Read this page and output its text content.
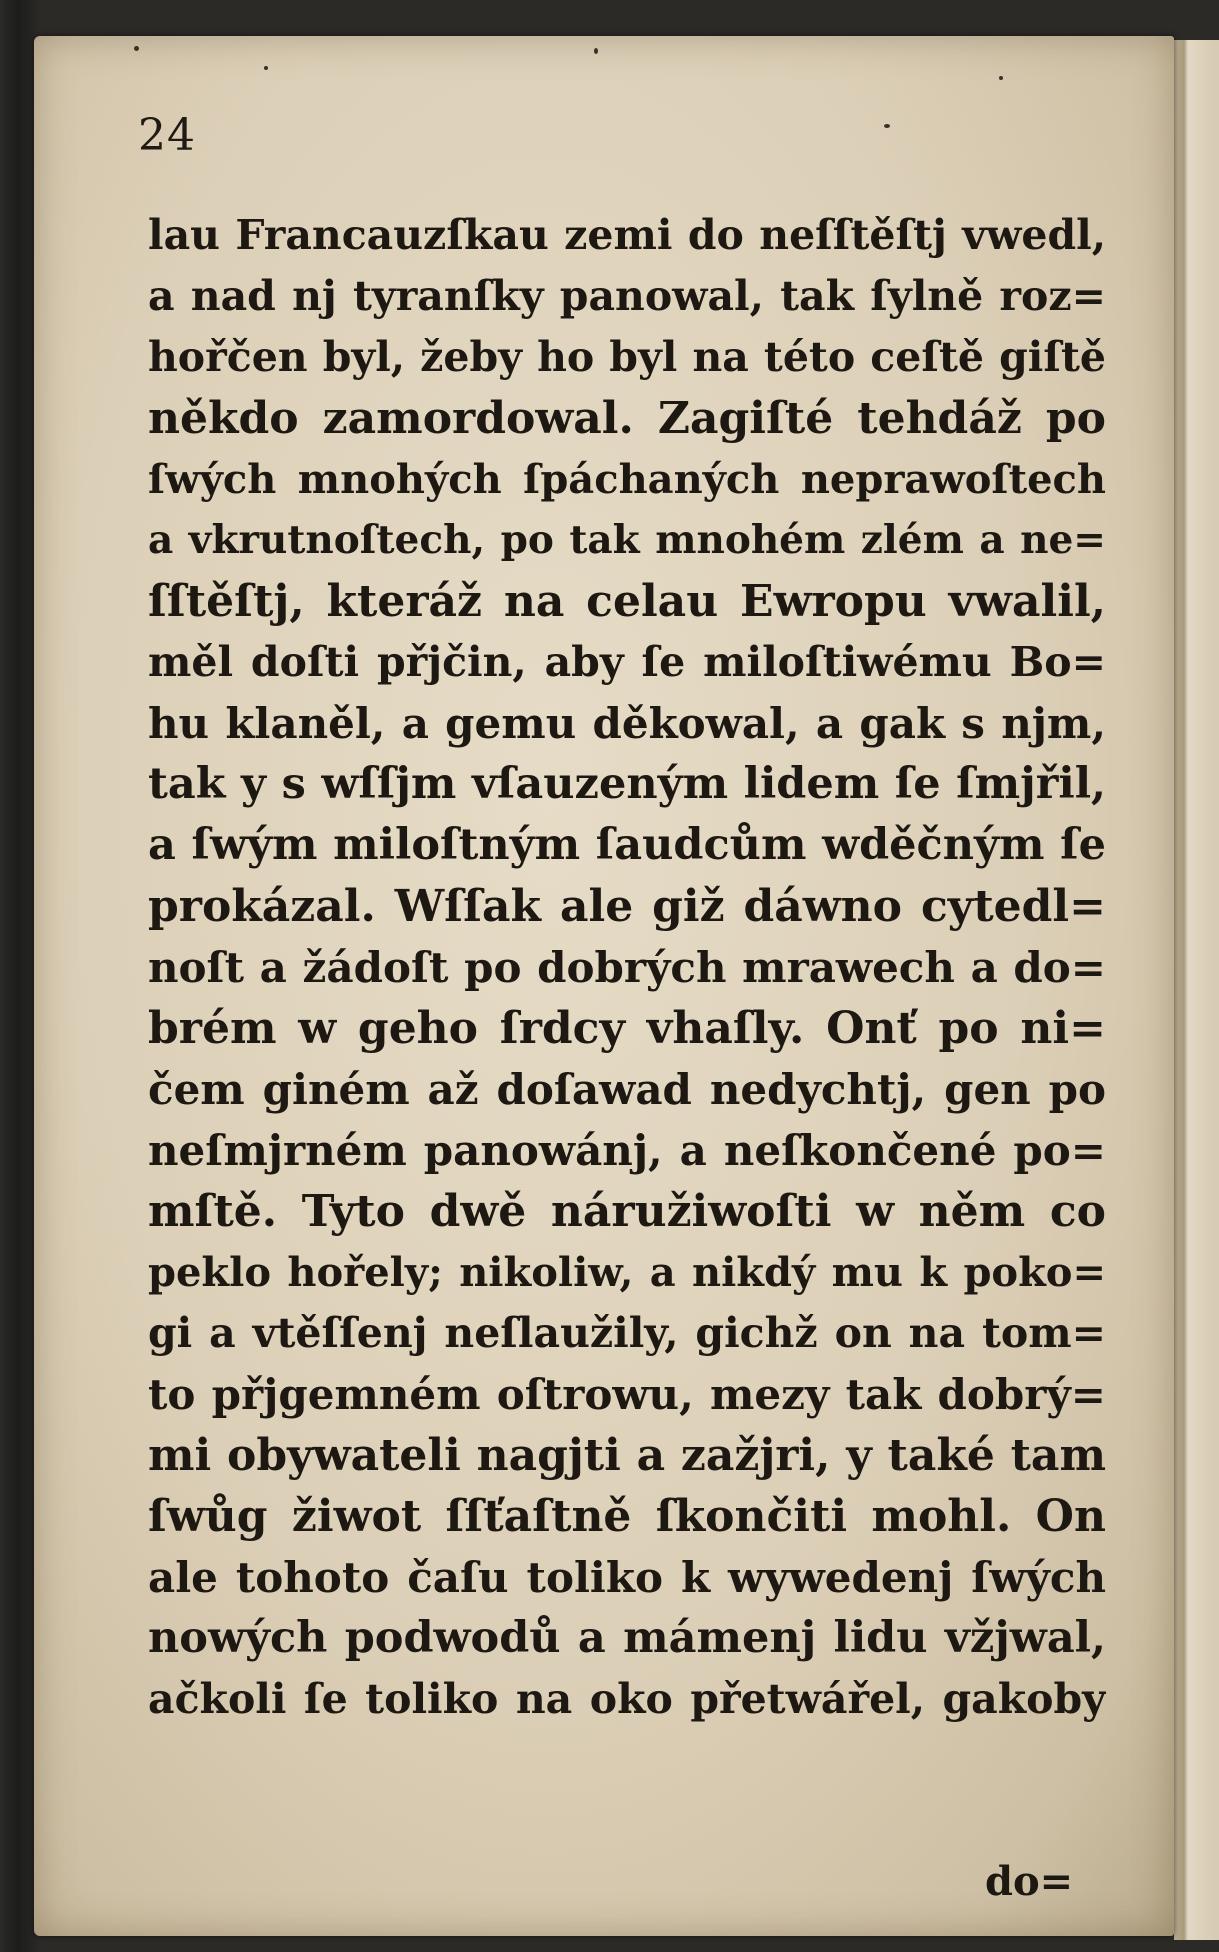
24
lau Francauzſkau zemi do neſſtěſtj vwedl,
a nad nj tyranſky panowal, tak ſylně roz=
hořčen byl, žeby ho byl na této ceſtě giſtě
někdo zamordowal. Zagiſté tehdáž po
ſwých mnohých ſpáchaných neprawoſtech
a vkrutnoſtech, po tak mnohém zlém a ne=
ſſtěſtj, kteráž na celau Ewropu vwalil,
měl doſti přjčin, aby ſe miloſtiwému Bo=
hu klaněl, a gemu děkowal, a gak s njm,
tak y s wſſjm vſauzeným lidem ſe ſmjřil,
a ſwým miloſtným ſaudcům wděčným ſe
prokázal. Wſſak ale giž dáwno cytedl=
noſt a žádoſt po dobrých mrawech a do=
brém w geho ſrdcy vhaſly. Onť po ni=
čem giném až doſawad nedychtj, gen po
neſmjrném panowánj, a neſkončené po=
mſtě. Tyto dwě náružiwoſti w něm co
peklo hořely; nikoliw, a nikdý mu k poko=
gi a vtěſſenj neſlaužily, gichž on na tom=
to přjgemném oſtrowu, mezy tak dobrý=
mi obywateli nagjti a zažjri, y také tam
ſwůg žiwot ſſťaſtně ſkončiti mohl. On
ale tohoto čaſu toliko k wywedenj ſwých
nowých podwodů a mámenj lidu vžjwal,
ačkoli ſe toliko na oko přetwářel, gakoby
do=
